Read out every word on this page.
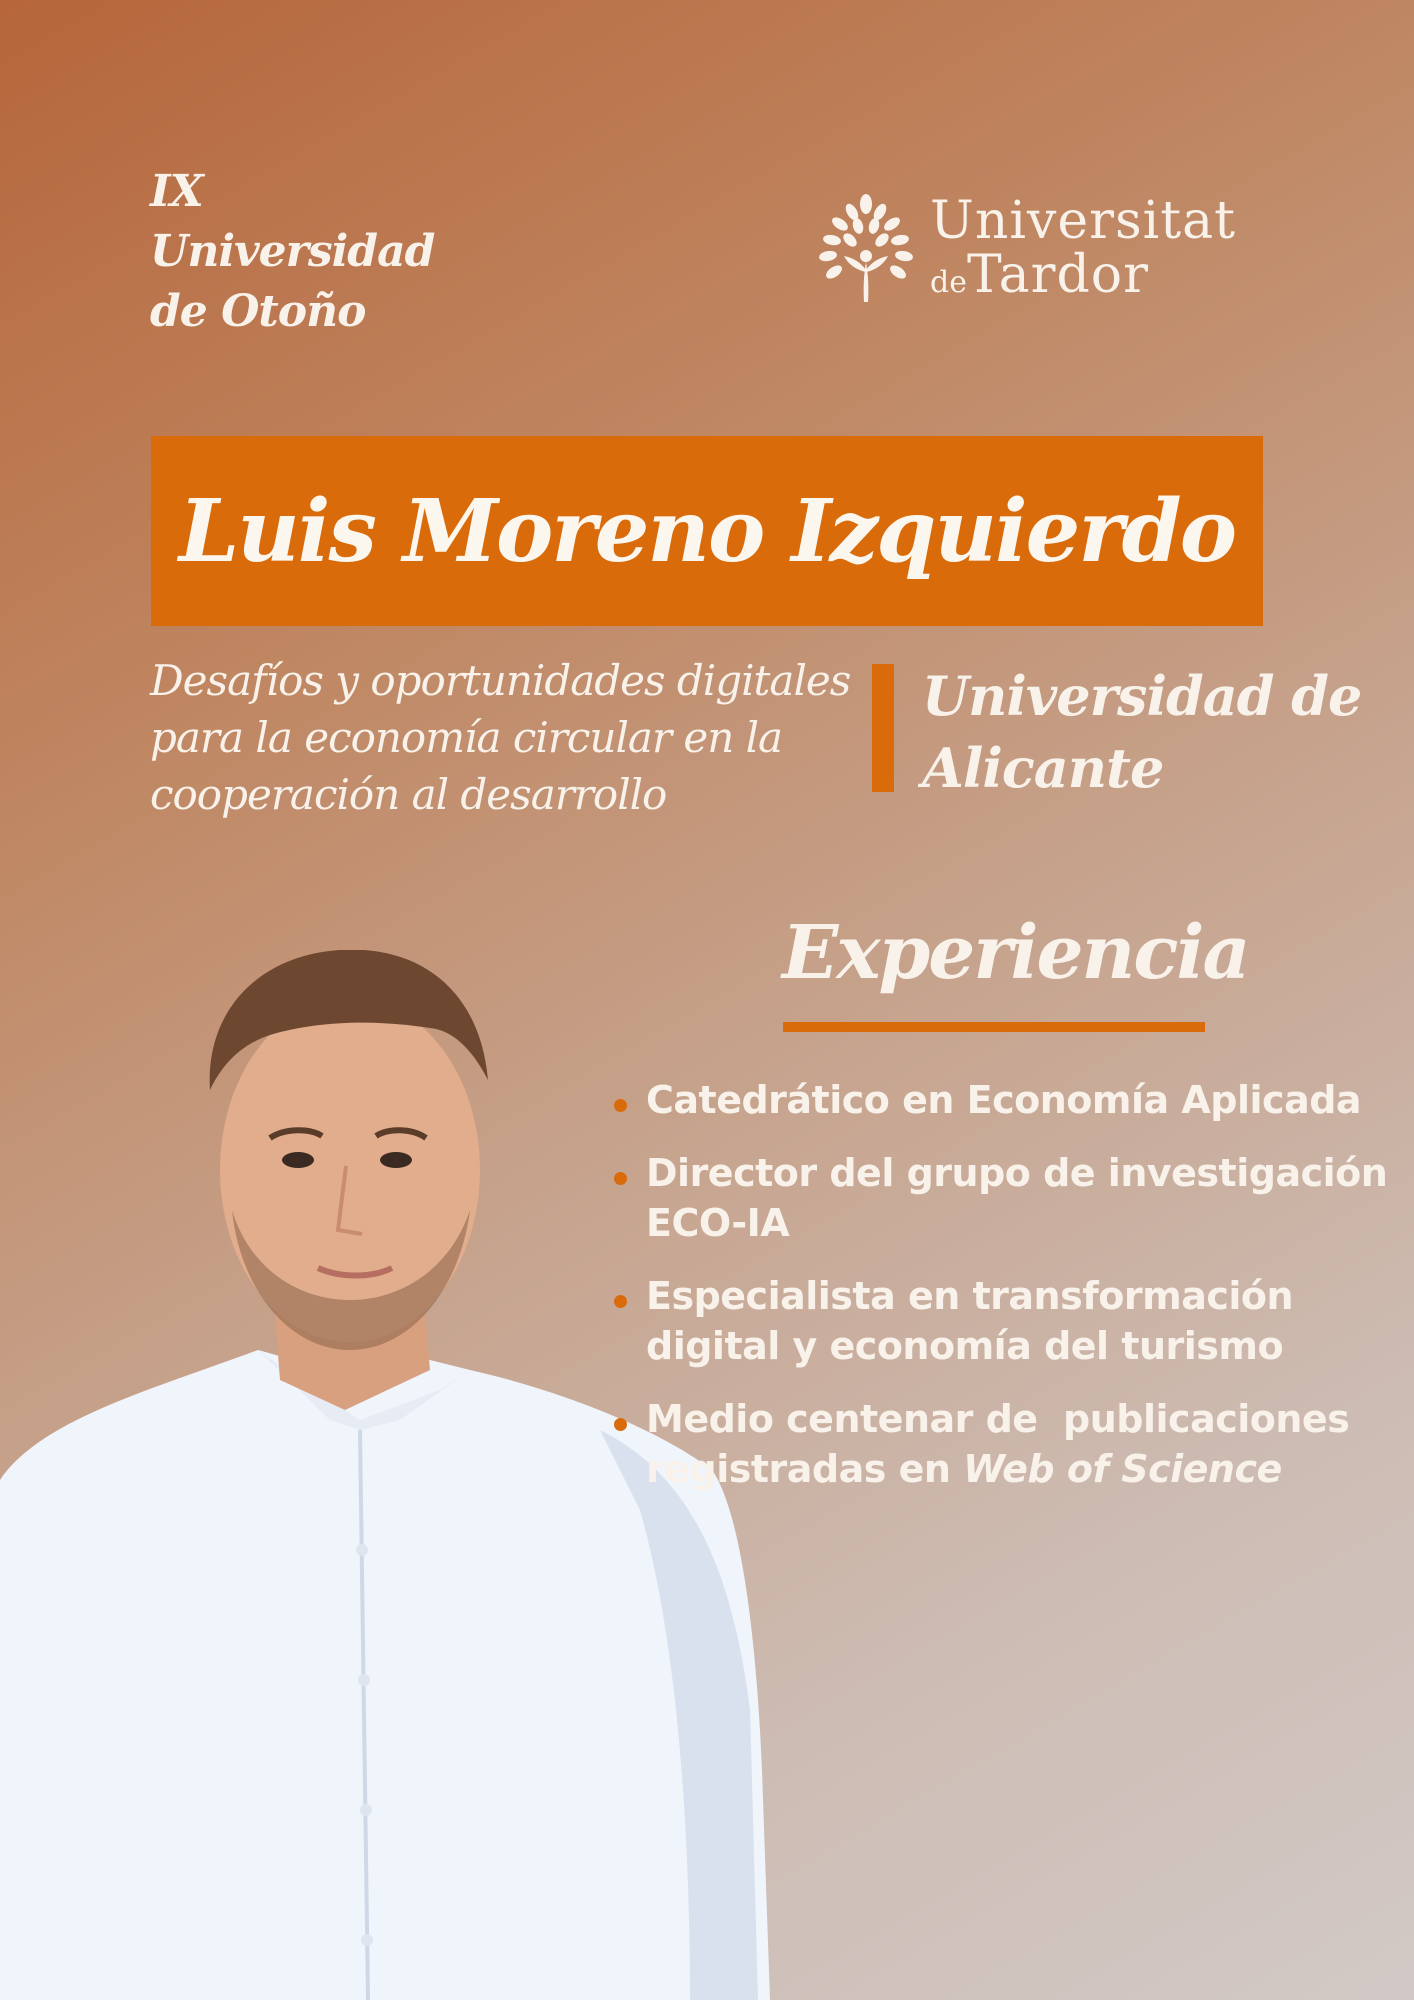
IX
Universidad
de Otoño
Universitat
deTardor
Luis Moreno Izquierdo
Desafíos y oportunidades digitales
para la economía circular en la
cooperación al desarrollo
Universidad de
Alicante
Experiencia
Catedrático en Economía Aplicada
Director del grupo de investigación
ECO-IA
Especialista en transformación
digital y economía del turismo
Medio centenar de  publicaciones
registradas en Web of Science
